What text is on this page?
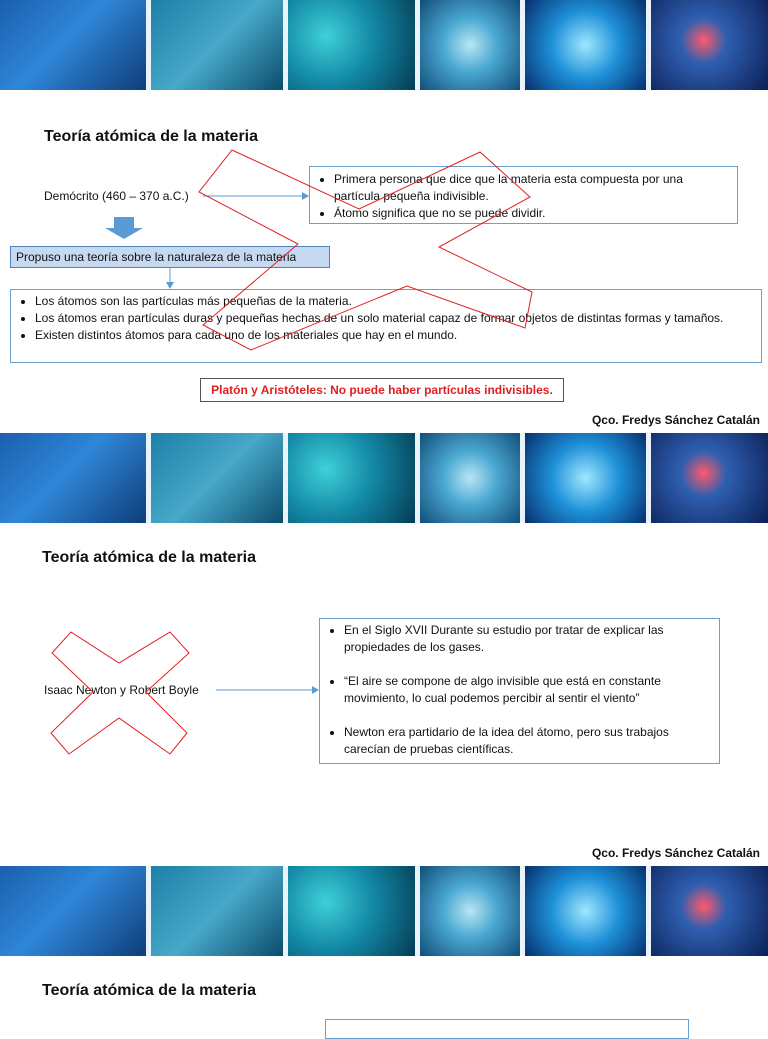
Teoría atómica de la materia
Demócrito (460 – 370 a.C.)
• Primera persona que dice que la materia esta compuesta por una partícula pequeña indivisible.
• Átomo significa que no se puede dividir.
Propuso una teoría sobre la naturaleza de la materia
• Los átomos son las partículas más pequeñas de la materia.
• Los átomos eran partículas duras y pequeñas hechas de un solo material capaz de formar objetos de distintas formas y tamaños.
• Existen distintos átomos para cada uno de los materiales que hay en el mundo.
Platón y Aristóteles: No puede haber partículas indivisibles.
Qco. Fredys Sánchez Catalán
Teoría atómica de la materia
Isaac Newton y Robert Boyle
• En el Siglo XVII Durante su estudio por tratar de explicar las propiedades de los gases.
• “El aire se compone de algo invisible que está en constante movimiento, lo cual podemos percibir al sentir el viento”
• Newton era partidario de la idea del átomo, pero sus trabajos carecían de pruebas científicas.
Qco. Fredys Sánchez Catalán
Teoría atómica de la materia
